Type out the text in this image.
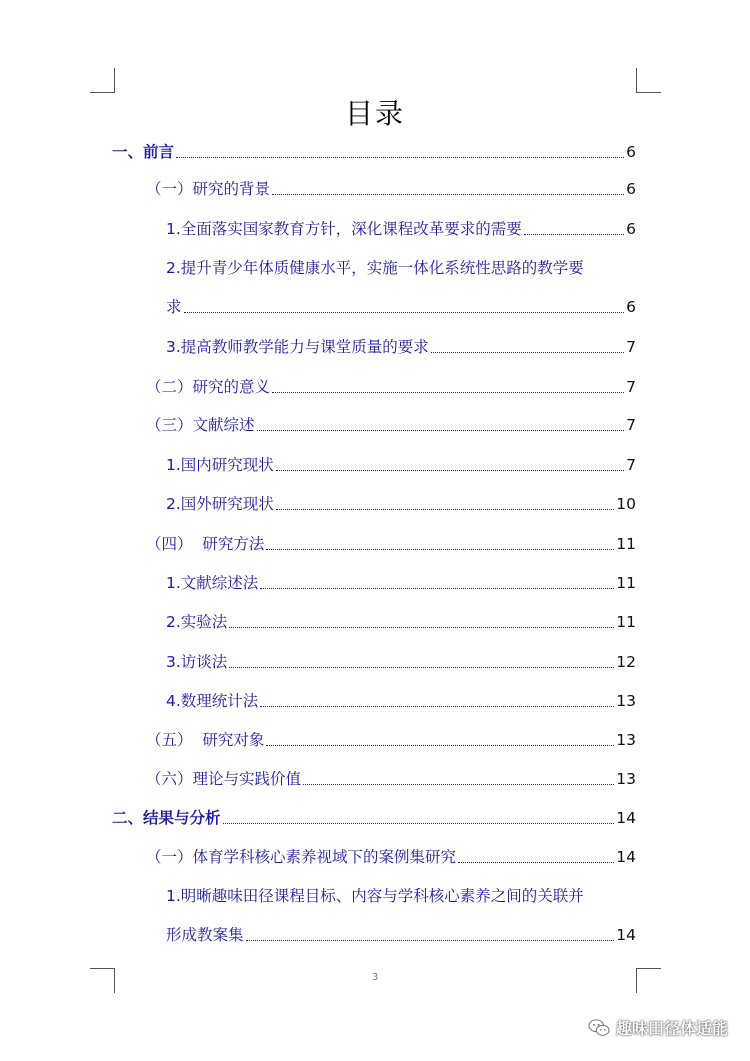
目录
一、前言	6
（一）研究的背景	6
1.全面落实国家教育方针，深化课程改革要求的需要	6
2.提升青少年体质健康水平，实施一体化系统性思路的教学要
求	6
3.提高教师教学能力与课堂质量的要求	7
（二）研究的意义	7
（三）文献综述	7
1.国内研究现状	7
2.国外研究现状	10
（四）  研究方法	11
1.文献综述法	11
2.实验法	11
3.访谈法	12
4.数理统计法	13
（五）  研究对象	13
（六）理论与实践价值	13
二、结果与分析	14
（一）体育学科核心素养视域下的案例集研究	14
1.明晰趣味田径课程目标、内容与学科核心素养之间的关联并
形成教案集	14
3
趣味田径体适能
